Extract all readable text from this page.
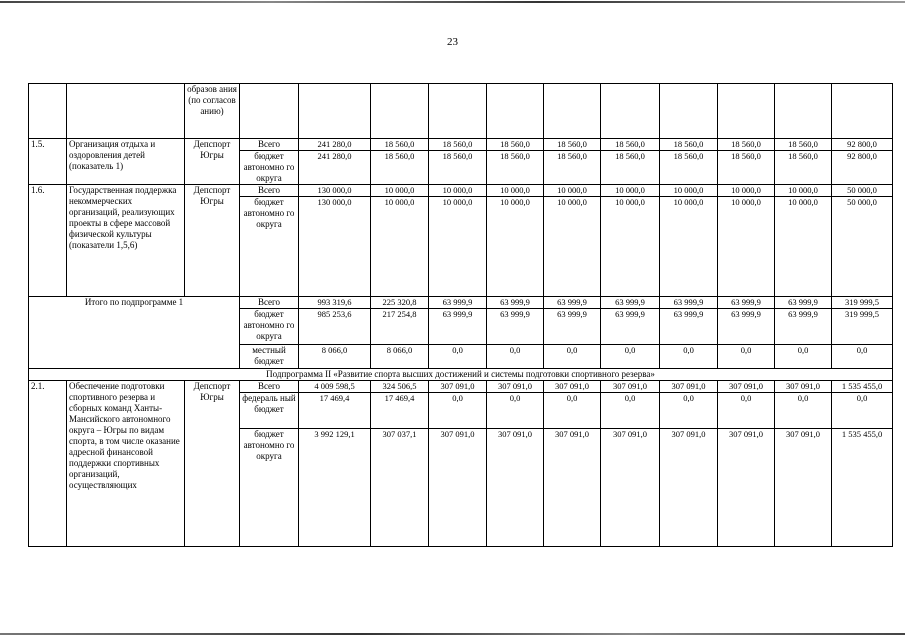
23
		образов ания (по согласов анию)											
1.5.	Организация отдыха и оздоровления детей (показатель 1)	Депспорт Югры	Всего	241 280,0	18 560,0	18 560,0	18 560,0	18 560,0	18 560,0	18 560,0	18 560,0	18 560,0	92 800,0
			бюджет автономно го округа	241 280,0	18 560,0	18 560,0	18 560,0	18 560,0	18 560,0	18 560,0	18 560,0	18 560,0	92 800,0
1.6.	Государственная поддержка некоммерческих организаций, реализующих проекты в сфере массовой физической культуры (показатели 1,5,6)	Депспорт Югры	Всего	130 000,0	10 000,0	10 000,0	10 000,0	10 000,0	10 000,0	10 000,0	10 000,0	10 000,0	50 000,0
			бюджет автономно го округа	130 000,0	10 000,0	10 000,0	10 000,0	10 000,0	10 000,0	10 000,0	10 000,0	10 000,0	50 000,0
Итого по подпрограмме 1			Всего	993 319,6	225 320,8	63 999,9	63 999,9	63 999,9	63 999,9	63 999,9	63 999,9	63 999,9	319 999,5
			бюджет автономно го округа	985 253,6	217 254,8	63 999,9	63 999,9	63 999,9	63 999,9	63 999,9	63 999,9	63 999,9	319 999,5
			местный бюджет	8 066,0	8 066,0	0,0	0,0	0,0	0,0	0,0	0,0	0,0	0,0
Подпрограмма II «Развитие спорта высших достижений и системы подготовки спортивного резерва»													
2.1.	Обеспечение подготовки спортивного резерва и сборных команд Ханты-Мансийского автономного округа – Югры по видам спорта, в том числе оказание адресной финансовой поддержки спортивных организаций, осуществляющих	Депспорт Югры	Всего	4 009 598,5	324 506,5	307 091,0	307 091,0	307 091,0	307 091,0	307 091,0	307 091,0	307 091,0	1 535 455,0
			федераль ный бюджет	17 469,4	17 469,4	0,0	0,0	0,0	0,0	0,0	0,0	0,0	0,0
			бюджет автономно го округа	3 992 129,1	307 037,1	307 091,0	307 091,0	307 091,0	307 091,0	307 091,0	307 091,0	307 091,0	1 535 455,0
